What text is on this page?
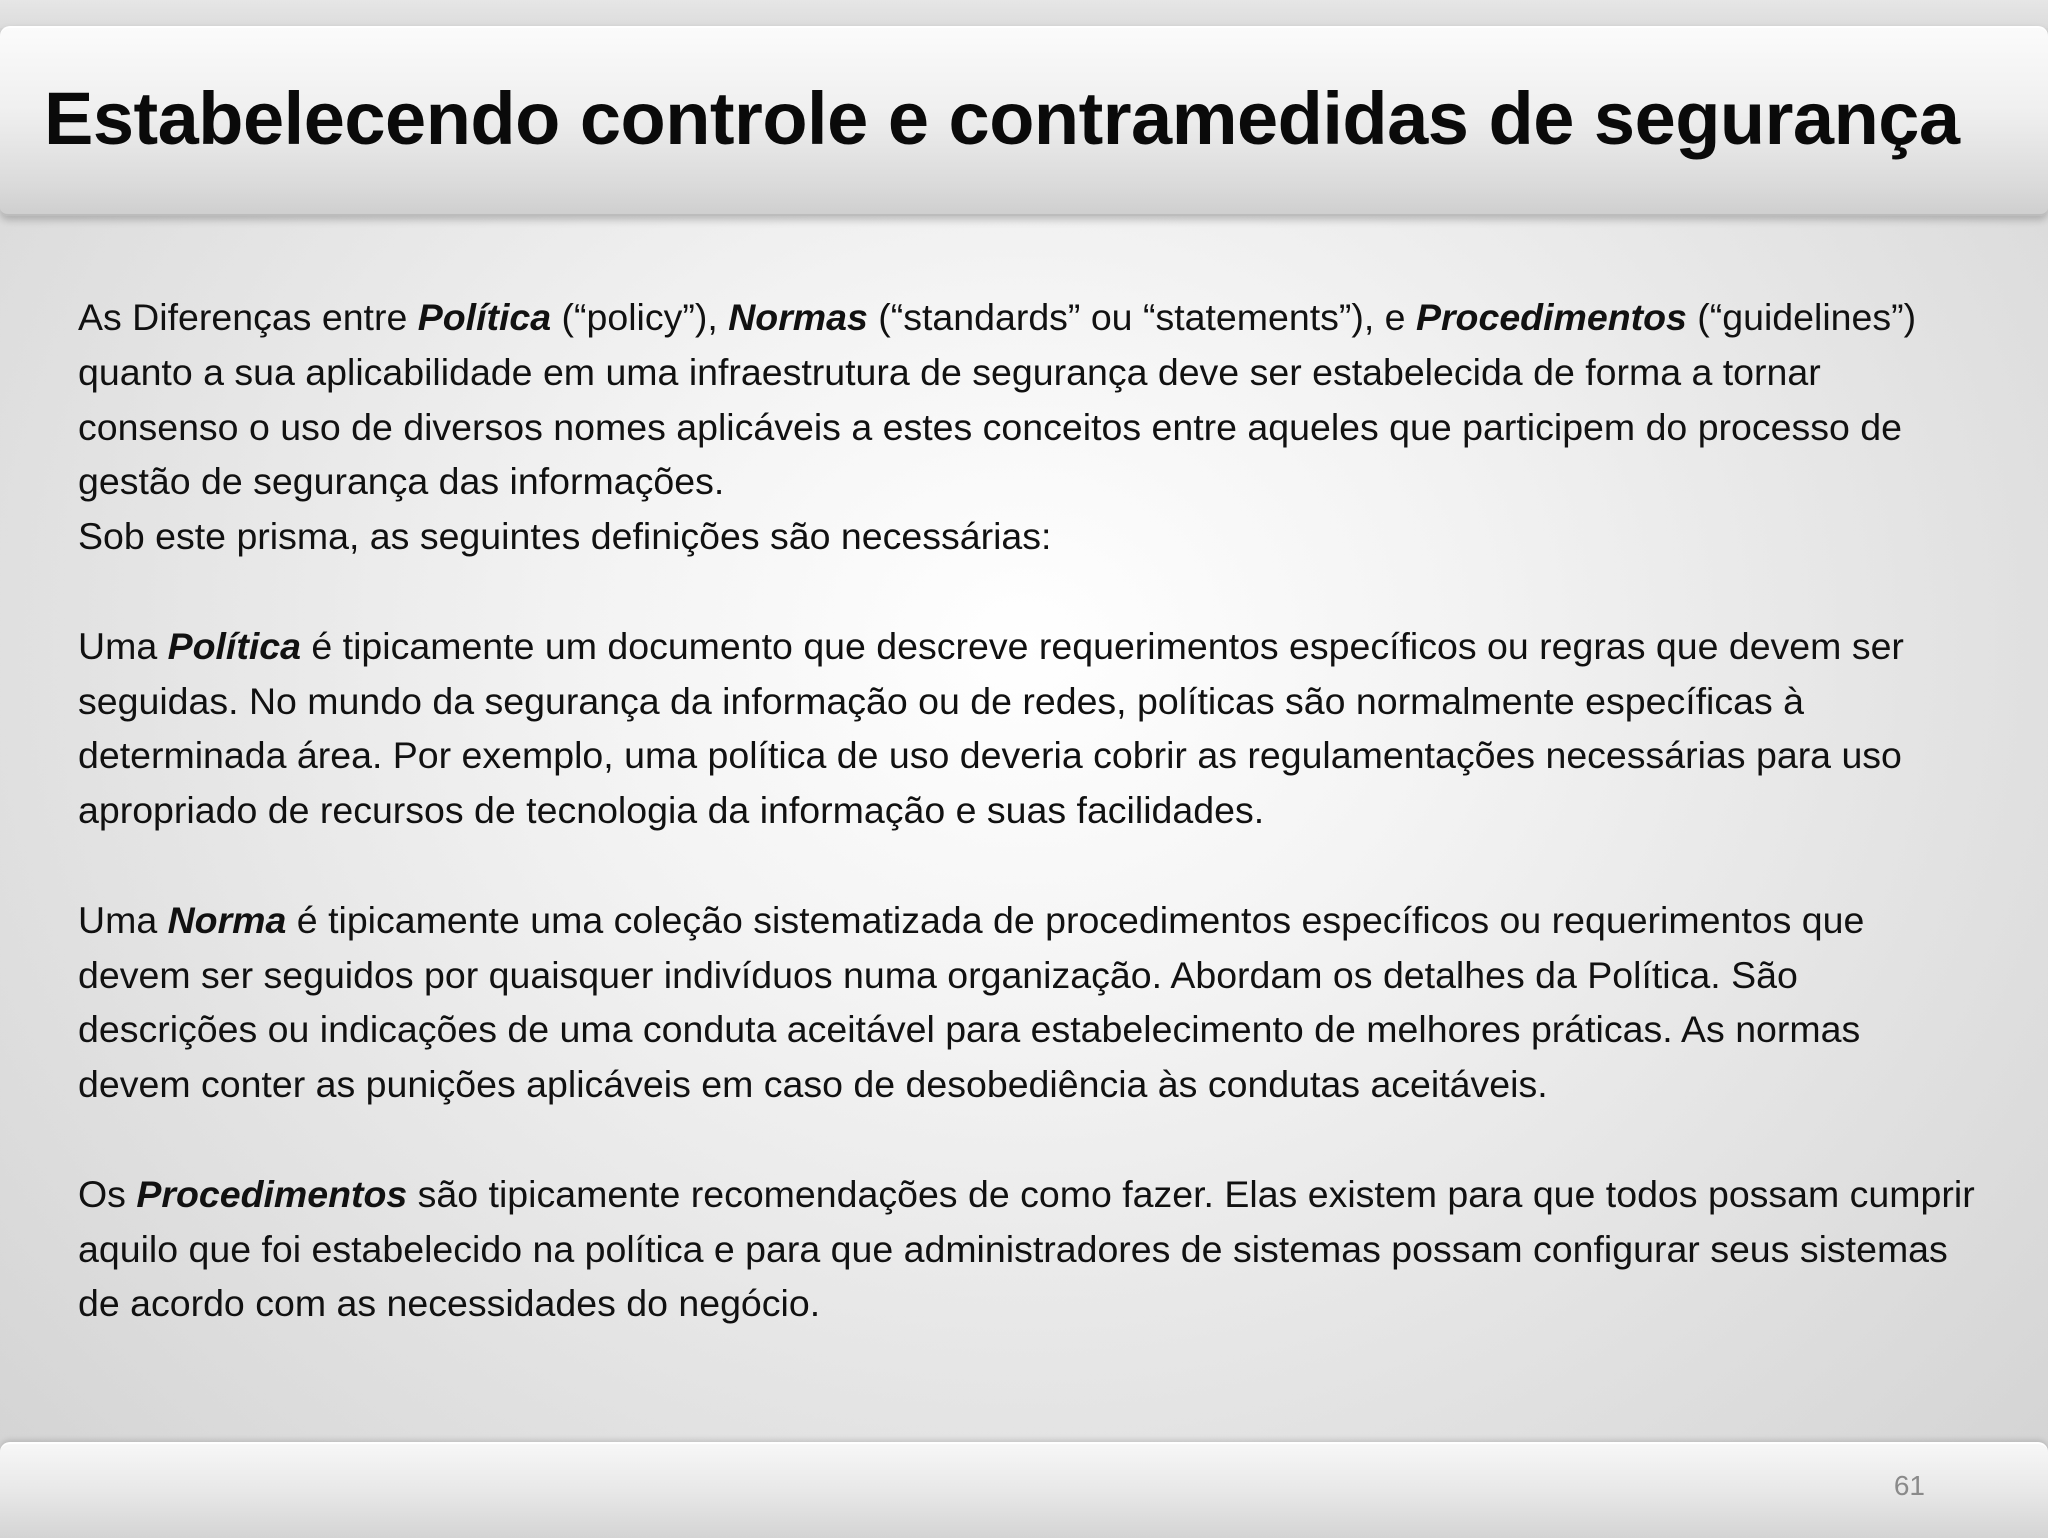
Estabelecendo controle e contramedidas de segurança

As Diferenças entre Política (“policy”), Normas (“standards” ou “statements”), e Procedimentos (“guidelines”) quanto a sua aplicabilidade em uma infraestrutura de segurança deve ser estabelecida de forma a tornar consenso o uso de diversos nomes aplicáveis a estes conceitos entre aqueles que participem do processo de gestão de segurança das informações.

Sob este prisma, as seguintes definições são necessárias:

Uma Política é tipicamente um documento que descreve requerimentos específicos ou regras que devem ser seguidas. No mundo da segurança da informação ou de redes, políticas são normalmente específicas à determinada área. Por exemplo, uma política de uso deveria cobrir as regulamentações necessárias para uso apropriado de recursos de tecnologia da informação e suas facilidades.

Uma Norma é tipicamente uma coleção sistematizada de procedimentos específicos ou requerimentos que devem ser seguidos por quaisquer indivíduos numa organização. Abordam os detalhes da Política. São descrições ou indicações de uma conduta aceitável para estabelecimento de melhores práticas. As normas devem conter as punições aplicáveis em caso de desobediência às condutas aceitáveis.

Os Procedimentos são tipicamente recomendações de como fazer. Elas existem para que todos possam cumprir aquilo que foi estabelecido na política e para que administradores de sistemas possam configurar seus sistemas de acordo com as necessidades do negócio.

61
